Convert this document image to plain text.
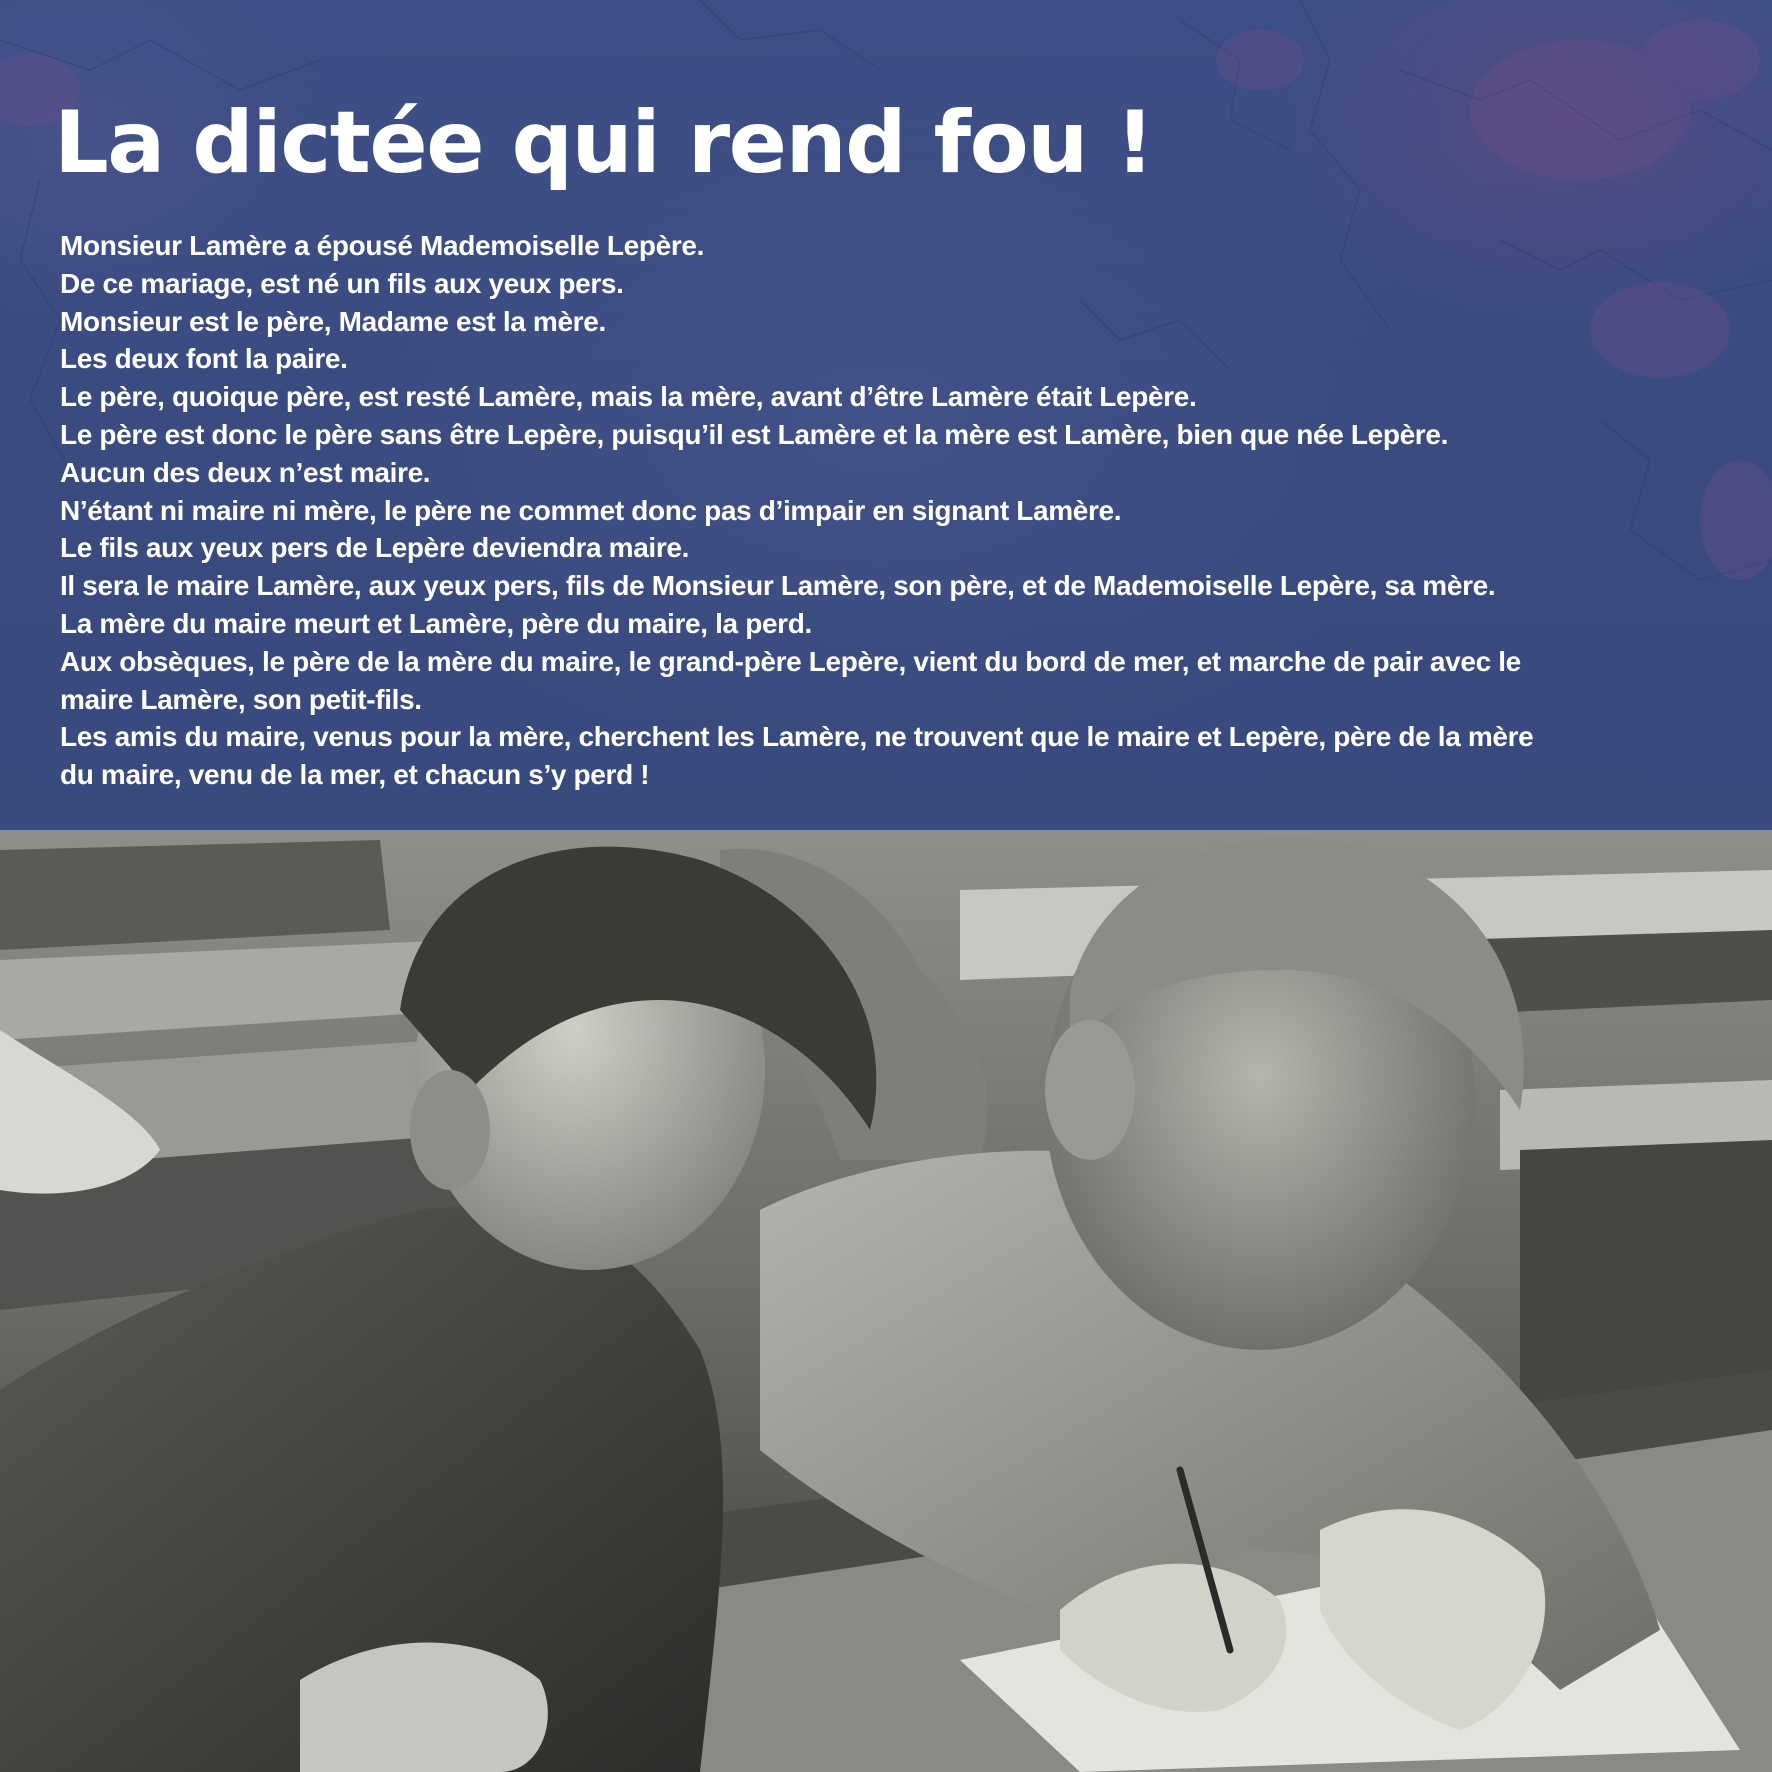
La dictée qui rend fou !
Monsieur Lamère a épousé Mademoiselle Lepère.
De ce mariage, est né un fils aux yeux pers.
Monsieur est le père, Madame est la mère.
Les deux font la paire.
Le père, quoique père, est resté Lamère, mais la mère, avant d’être Lamère était Lepère.
Le père est donc le père sans être Lepère, puisqu’il est Lamère et la mère est Lamère, bien que née Lepère.
Aucun des deux n’est maire.
N’étant ni maire ni mère, le père ne commet donc pas d’impair en signant Lamère.
Le fils aux yeux pers de Lepère deviendra maire.
Il sera le maire Lamère, aux yeux pers, fils de Monsieur Lamère, son père, et de Mademoiselle Lepère, sa mère.
La mère du maire meurt et Lamère, père du maire, la perd.
Aux obsèques, le père de la mère du maire, le grand-père Lepère, vient du bord de mer, et marche de pair avec le
maire Lamère, son petit-fils.
Les amis du maire, venus pour la mère, cherchent les Lamère, ne trouvent que le maire et Lepère, père de la mère
du maire, venu de la mer, et chacun s’y perd !
